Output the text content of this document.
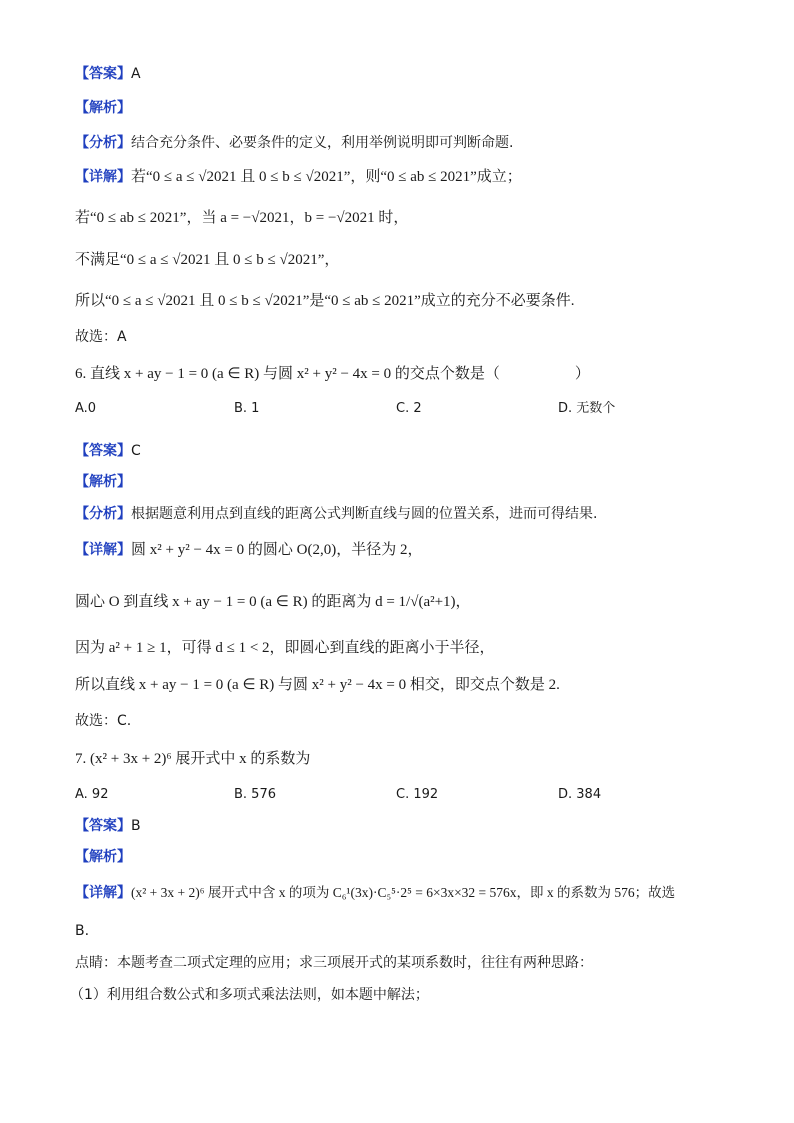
【答案】A
【解析】
【分析】结合充分条件、必要条件的定义，利用举例说明即可判断命题.
【详解】若“0 ≤ a ≤ √2021 且 0 ≤ b ≤ √2021”，则“0 ≤ ab ≤ 2021”成立；
若“0 ≤ ab ≤ 2021”，当 a = −√2021，b = −√2021 时，
不满足“0 ≤ a ≤ √2021 且 0 ≤ b ≤ √2021”，
所以“0 ≤ a ≤ √2021 且 0 ≤ b ≤ √2021”是“0 ≤ ab ≤ 2021”成立的充分不必要条件.
故选：A
6. 直线 x + ay − 1 = 0 (a ∈ R) 与圆 x² + y² − 4x = 0 的交点个数是（　　　　　）
A.0	B. 1	C. 2	D. 无数个
【答案】C
【解析】
【分析】根据题意利用点到直线的距离公式判断直线与圆的位置关系，进而可得结果.
【详解】圆 x² + y² − 4x = 0 的圆心 O(2,0)，半径为 2，
圆心 O 到直线 x + ay − 1 = 0 (a ∈ R) 的距离为 d = 1/√(a²+1)，
因为 a² + 1 ≥ 1，可得 d ≤ 1 < 2，即圆心到直线的距离小于半径，
所以直线 x + ay − 1 = 0 (a ∈ R) 与圆 x² + y² − 4x = 0 相交，即交点个数是 2.
故选：C.
7. (x² + 3x + 2)⁶ 展开式中 x 的系数为
A. 92	B. 576	C. 192	D. 384
【答案】B
【解析】
【详解】(x² + 3x + 2)⁶ 展开式中含 x 的项为 C₆¹(3x)·C₅⁵·2⁵ = 6×3x×32 = 576x，即 x 的系数为 576；故选
B.
点睛：本题考查二项式定理的应用；求三项展开式的某项系数时，往往有两种思路：
（1）利用组合数公式和多项式乘法法则，如本题中解法；
